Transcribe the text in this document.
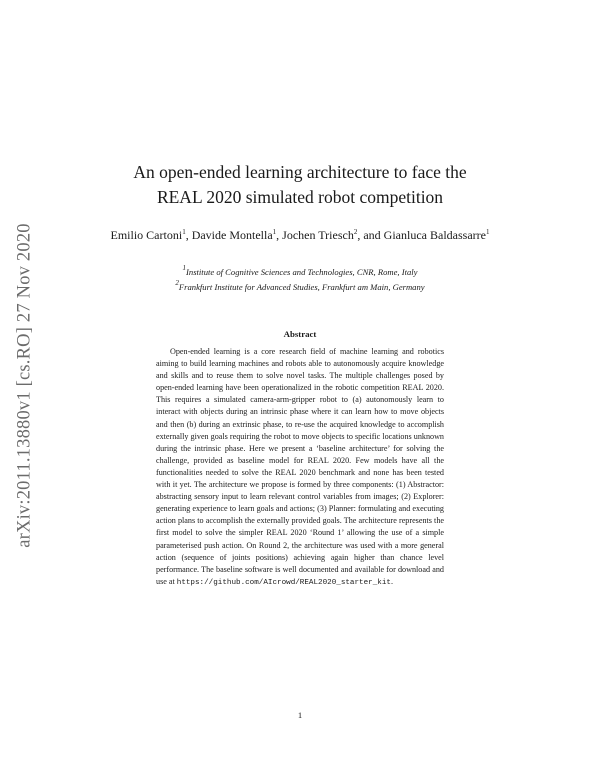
arXiv:2011.13880v1 [cs.RO] 27 Nov 2020
An open-ended learning architecture to face the
REAL 2020 simulated robot competition
Emilio Cartoni$^1$, Davide Montella$^1$, Jochen Triesch$^2$, and Gianluca Baldassarre$^1$
$^1$Institute of Cognitive Sciences and Technologies, CNR, Rome, Italy
$^2$Frankfurt Institute for Advanced Studies, Frankfurt am Main, Germany
Abstract

Open-ended learning is a core research field of machine learning and robotics aiming to build learning machines and robots able to autonomously acquire knowledge and skills and to reuse them to solve novel tasks. The multiple challenges posed by open-ended learning have been operationalized in the robotic competition REAL 2020. This requires a simulated camera-arm-gripper robot to (a) autonomously learn to interact with objects during an intrinsic phase where it can learn how to move objects and then (b) during an extrinsic phase, to re-use the acquired knowledge to accomplish externally given goals requiring the robot to move objects to specific locations unknown during the intrinsic phase. Here we present a ‘baseline architecture’ for solving the challenge, provided as baseline model for REAL 2020. Few models have all the functionalities needed to solve the REAL 2020 benchmark and none has been tested with it yet. The architecture we propose is formed by three components: (1) Abstractor: abstracting sensory input to learn relevant control variables from images; (2) Explorer: generating experience to learn goals and actions; (3) Planner: formulating and executing action plans to accomplish the externally provided goals. The architecture represents the first model to solve the simpler REAL 2020 ‘Round 1’ allowing the use of a simple parameterised push action. On Round 2, the architecture was used with a more general action (sequence of joints positions) achieving again higher than chance level performance. The baseline software is well documented and available for download and use at https://github.com/AIcrowd/REAL2020_starter_kit.

1
